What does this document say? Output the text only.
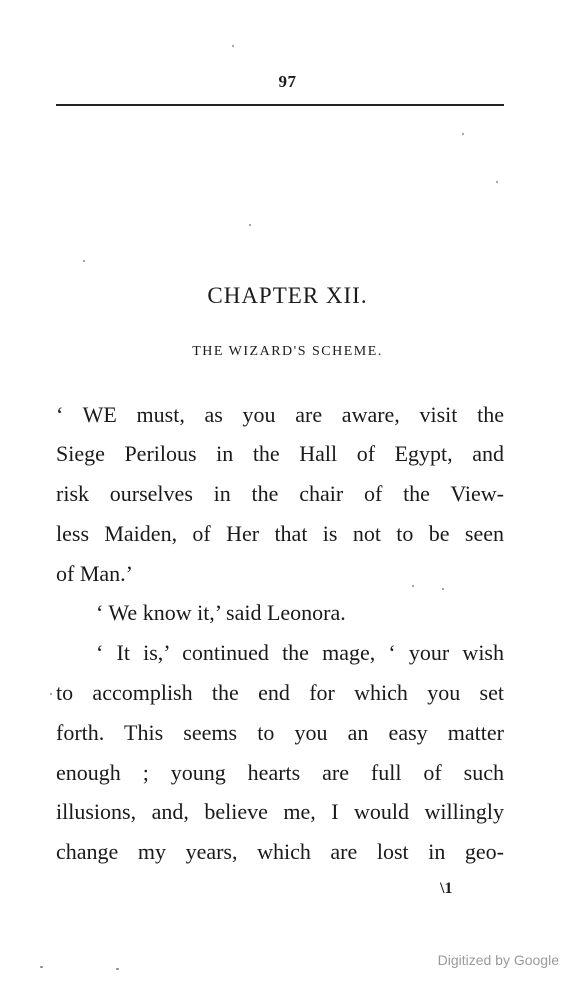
97
CHAPTER XII.
THE WIZARD'S SCHEME.
‘ WE must, as you are aware, visit the
Siege Perilous in the Hall of Egypt, and
risk ourselves in the chair of the View-
less Maiden, of Her that is not to be seen
of Man.’
‘ We know it,’ said Leonora.
‘ It is,’ continued the mage, ‘ your wish
to accomplish the end for which you set
forth. This seems to you an easy matter
enough ; young hearts are full of such
illusions, and, believe me, I would willingly
change my years, which are lost in geo-
\1
Digitized by Google
